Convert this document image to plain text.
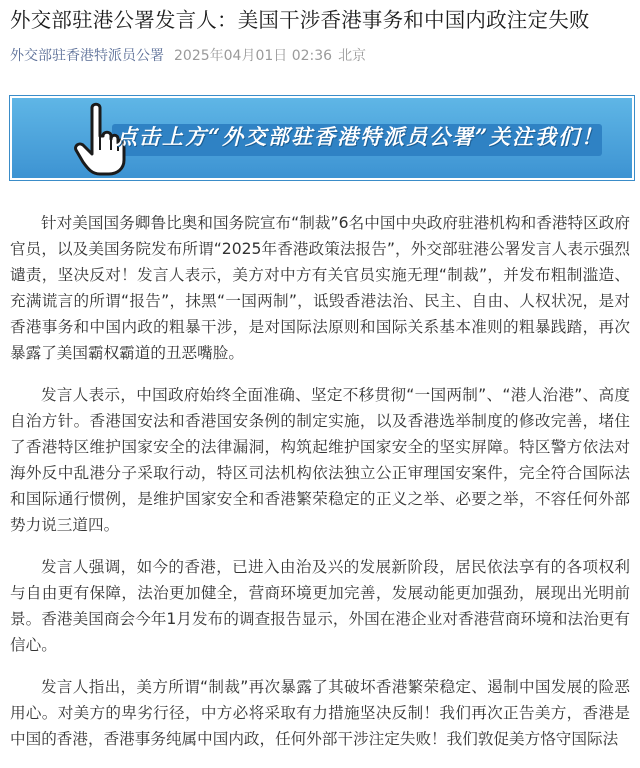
外交部驻港公署发言人：美国干涉香港事务和中国内政注定失败
外交部驻香港特派员公署 2025年04月01日 02:36 北京
点击上方“外交部驻香港特派员公署”关注我们！

针对美国国务卿鲁比奥和国务院宣布“制裁”6名中国中央政府驻港机构和香港特区政府官员，以及美国务院发布所谓“2025年香港政策法报告”，外交部驻港公署发言人表示强烈谴责，坚决反对！发言人表示，美方对中方有关官员实施无理“制裁”，并发布粗制滥造、充满谎言的所谓“报告”，抹黑“一国两制”，诋毁香港法治、民主、自由、人权状况，是对香港事务和中国内政的粗暴干涉，是对国际法原则和国际关系基本准则的粗暴践踏，再次暴露了美国霸权霸道的丑恶嘴脸。

发言人表示，中国政府始终全面准确、坚定不移贯彻“一国两制”、“港人治港”、高度自治方针。香港国安法和香港国安条例的制定实施，以及香港选举制度的修改完善，堵住了香港特区维护国家安全的法律漏洞，构筑起维护国家安全的坚实屏障。特区警方依法对海外反中乱港分子采取行动，特区司法机构依法独立公正审理国安案件，完全符合国际法和国际通行惯例，是维护国家安全和香港繁荣稳定的正义之举、必要之举，不容任何外部势力说三道四。

发言人强调，如今的香港，已进入由治及兴的发展新阶段，居民依法享有的各项权利与自由更有保障，法治更加健全，营商环境更加完善，发展动能更加强劲，展现出光明前景。香港美国商会今年1月发布的调查报告显示，外国在港企业对香港营商环境和法治更有信心。

发言人指出，美方所谓“制裁”再次暴露了其破坏香港繁荣稳定、遏制中国发展的险恶用心。对美方的卑劣行径，中方必将采取有力措施坚决反制！我们再次正告美方，香港是中国的香港，香港事务纯属中国内政，任何外部干涉注定失败！我们敦促美方恪守国际法
